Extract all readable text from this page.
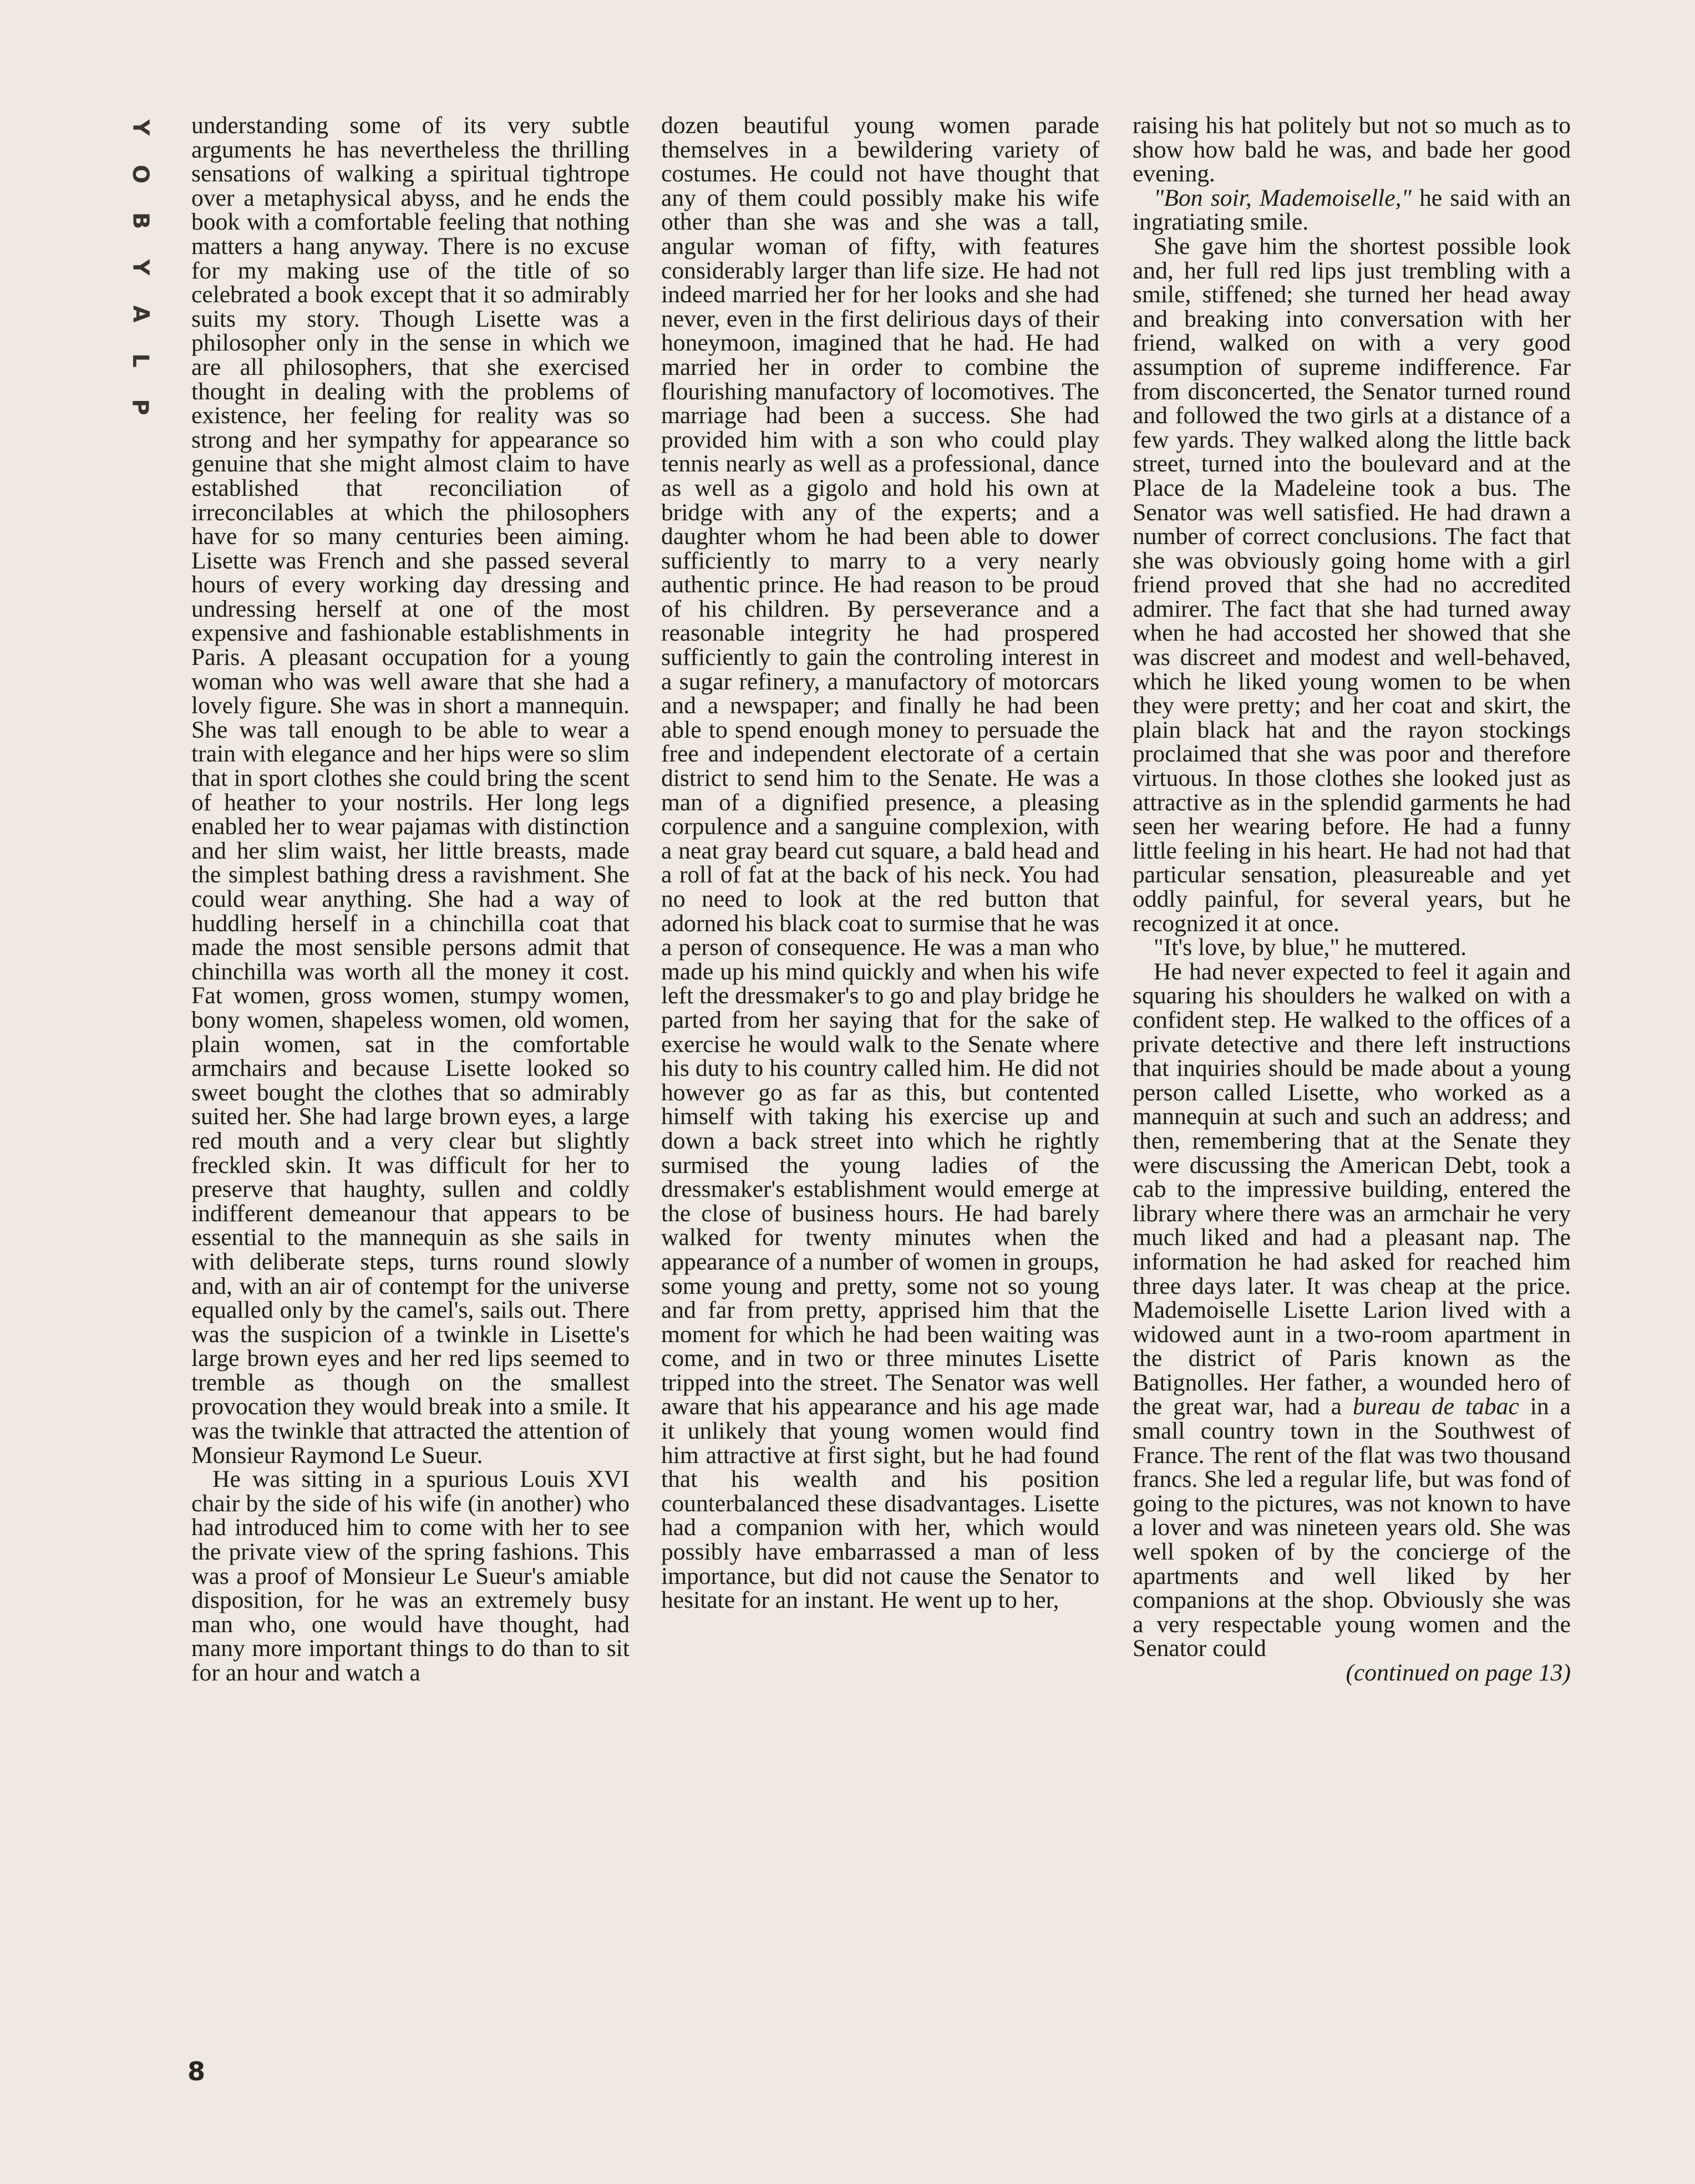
Y
O
B
Y
A
L
P

understanding some of its very subtle arguments he has nevertheless the thrilling sensations of walking a spiritual tightrope over a metaphysical abyss, and he ends the book with a comfortable feeling that nothing matters a hang anyway. There is no excuse for my making use of the title of so celebrated a book except that it so admirably suits my story. Though Lisette was a philosopher only in the sense in which we are all philosophers, that she exercised thought in dealing with the problems of existence, her feeling for reality was so strong and her sympathy for appearance so genuine that she might almost claim to have established that reconciliation of irreconcilables at which the philosophers have for so many centuries been aiming. Lisette was French and she passed several hours of every working day dressing and undressing herself at one of the most expensive and fashionable establishments in Paris. A pleasant occupation for a young woman who was well aware that she had a lovely figure. She was in short a mannequin. She was tall enough to be able to wear a train with elegance and her hips were so slim that in sport clothes she could bring the scent of heather to your nostrils. Her long legs enabled her to wear pajamas with distinction and her slim waist, her little breasts, made the simplest bathing dress a ravishment. She could wear anything. She had a way of huddling herself in a chinchilla coat that made the most sensible persons admit that chinchilla was worth all the money it cost. Fat women, gross women, stumpy women, bony women, shapeless women, old women, plain women, sat in the comfortable armchairs and because Lisette looked so sweet bought the clothes that so admirably suited her. She had large brown eyes, a large red mouth and a very clear but slightly freckled skin. It was difficult for her to preserve that haughty, sullen and coldly indifferent demeanour that appears to be essential to the mannequin as she sails in with deliberate steps, turns round slowly and, with an air of contempt for the universe equalled only by the camel's, sails out. There was the suspicion of a twinkle in Lisette's large brown eyes and her red lips seemed to tremble as though on the smallest provocation they would break into a smile. It was the twinkle that attracted the attention of Monsieur Raymond Le Sueur.

He was sitting in a spurious Louis XVI chair by the side of his wife (in another) who had introduced him to come with her to see the private view of the spring fashions. This was a proof of Monsieur Le Sueur's amiable disposition, for he was an extremely busy man who, one would have thought, had many more important things to do than to sit for an hour and watch a

dozen beautiful young women parade themselves in a bewildering variety of costumes. He could not have thought that any of them could possibly make his wife other than she was and she was a tall, angular woman of fifty, with features considerably larger than life size. He had not indeed married her for her looks and she had never, even in the first delirious days of their honeymoon, imagined that he had. He had married her in order to combine the flourishing manufactory of locomotives. The marriage had been a success. She had provided him with a son who could play tennis nearly as well as a professional, dance as well as a gigolo and hold his own at bridge with any of the experts; and a daughter whom he had been able to dower sufficiently to marry to a very nearly authentic prince. He had reason to be proud of his children. By perseverance and a reasonable integrity he had prospered sufficiently to gain the controling interest in a sugar refinery, a manufactory of motorcars and a newspaper; and finally he had been able to spend enough money to persuade the free and independent electorate of a certain district to send him to the Senate. He was a man of a dignified presence, a pleasing corpulence and a sanguine complexion, with a neat gray beard cut square, a bald head and a roll of fat at the back of his neck. You had no need to look at the red button that adorned his black coat to surmise that he was a person of consequence. He was a man who made up his mind quickly and when his wife left the dressmaker's to go and play bridge he parted from her saying that for the sake of exercise he would walk to the Senate where his duty to his country called him. He did not however go as far as this, but contented himself with taking his exercise up and down a back street into which he rightly surmised the young ladies of the dressmaker's establishment would emerge at the close of business hours. He had barely walked for twenty minutes when the appearance of a number of women in groups, some young and pretty, some not so young and far from pretty, apprised him that the moment for which he had been waiting was come, and in two or three minutes Lisette tripped into the street. The Senator was well aware that his appearance and his age made it unlikely that young women would find him attractive at first sight, but he had found that his wealth and his position counterbalanced these disadvantages. Lisette had a companion with her, which would possibly have embarrassed a man of less importance, but did not cause the Senator to hesitate for an instant. He went up to her,

raising his hat politely but not so much as to show how bald he was, and bade her good evening.

"Bon soir, Mademoiselle," he said with an ingratiating smile.

She gave him the shortest possible look and, her full red lips just trembling with a smile, stiffened; she turned her head away and breaking into conversation with her friend, walked on with a very good assumption of supreme indifference. Far from disconcerted, the Senator turned round and followed the two girls at a distance of a few yards. They walked along the little back street, turned into the boulevard and at the Place de la Madeleine took a bus. The Senator was well satisfied. He had drawn a number of correct conclusions. The fact that she was obviously going home with a girl friend proved that she had no accredited admirer. The fact that she had turned away when he had accosted her showed that she was discreet and modest and well-behaved, which he liked young women to be when they were pretty; and her coat and skirt, the plain black hat and the rayon stockings proclaimed that she was poor and therefore virtuous. In those clothes she looked just as attractive as in the splendid garments he had seen her wearing before. He had a funny little feeling in his heart. He had not had that particular sensation, pleasureable and yet oddly painful, for several years, but he recognized it at once.

"It's love, by blue," he muttered.

He had never expected to feel it again and squaring his shoulders he walked on with a confident step. He walked to the offices of a private detective and there left instructions that inquiries should be made about a young person called Lisette, who worked as a mannequin at such and such an address; and then, remembering that at the Senate they were discussing the American Debt, took a cab to the impressive building, entered the library where there was an armchair he very much liked and had a pleasant nap. The information he had asked for reached him three days later. It was cheap at the price. Mademoiselle Lisette Larion lived with a widowed aunt in a two-room apartment in the district of Paris known as the Batignolles. Her father, a wounded hero of the great war, had a bureau de tabac in a small country town in the Southwest of France. The rent of the flat was two thousand francs. She led a regular life, but was fond of going to the pictures, was not known to have a lover and was nineteen years old. She was well spoken of by the concierge of the apartments and well liked by her companions at the shop. Obviously she was a very respectable young women and the Senator could

(continued on page 13)

8
